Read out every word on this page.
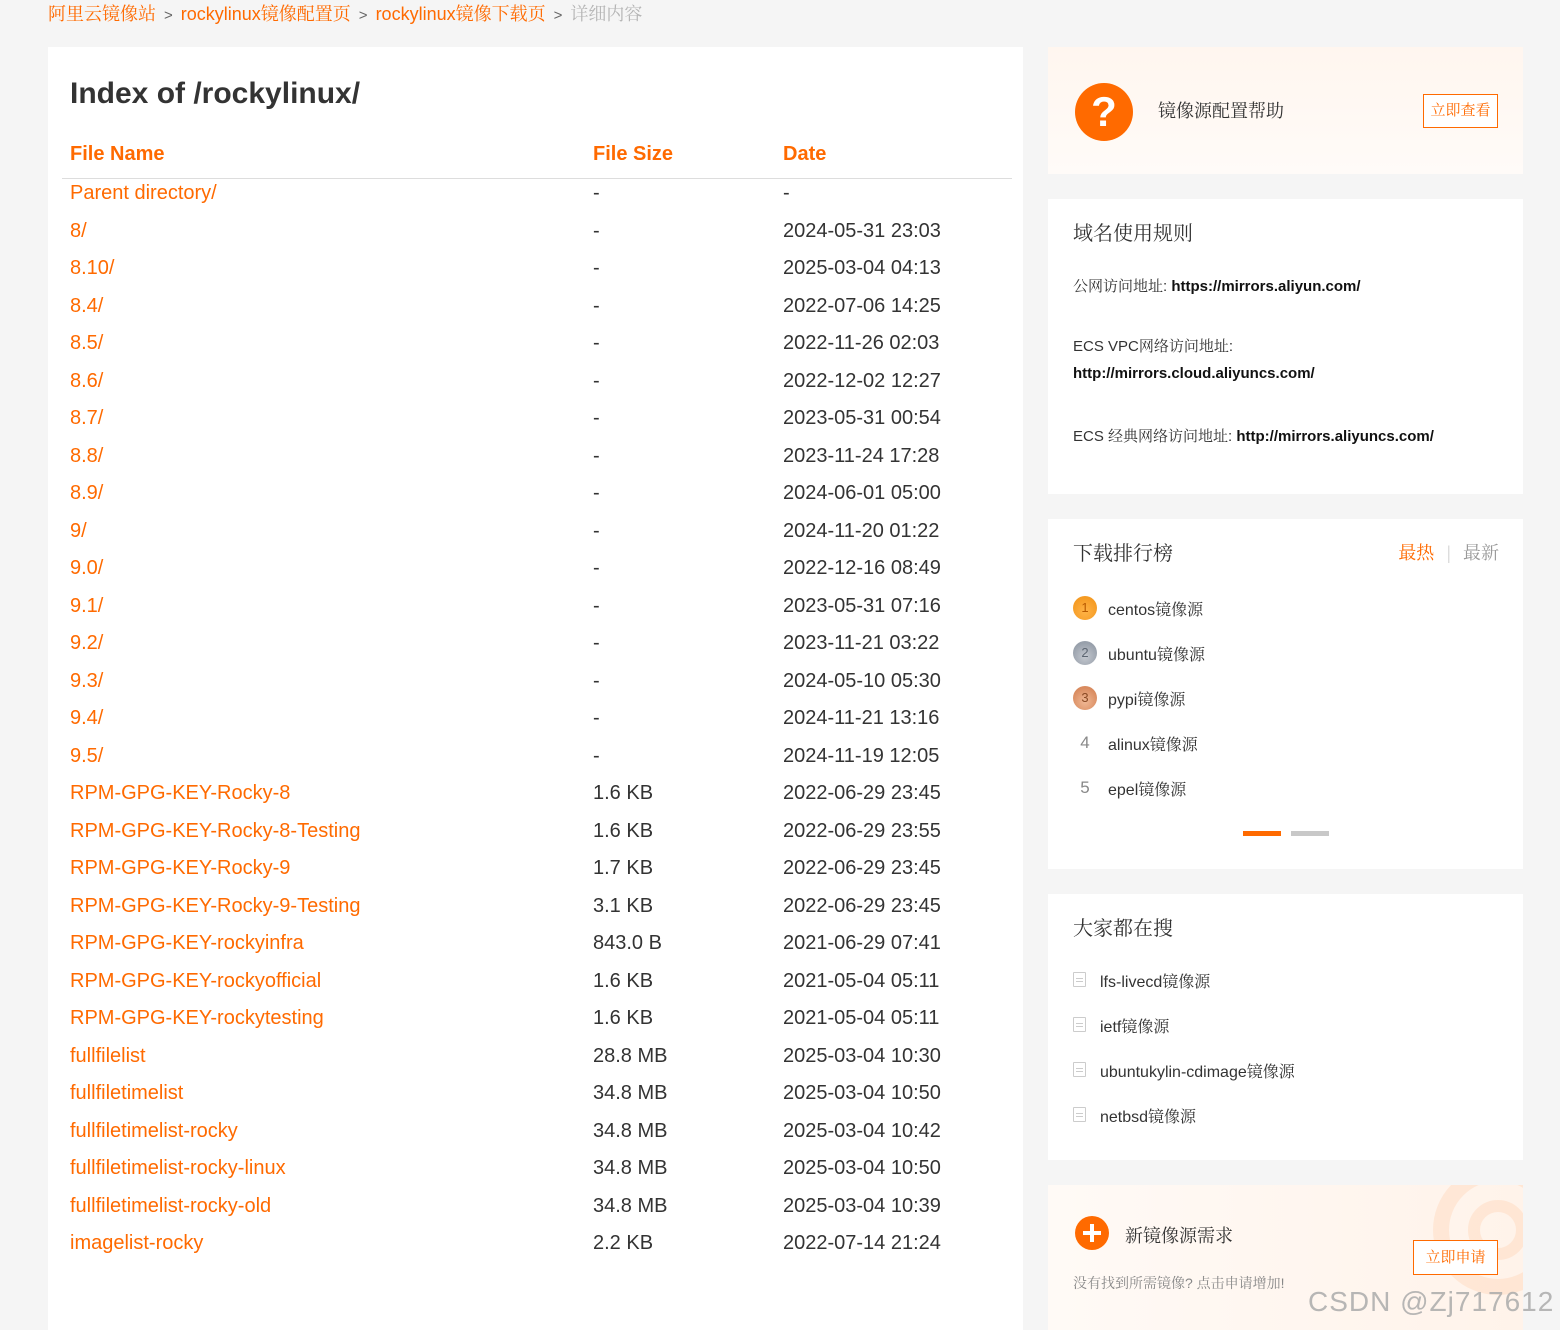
阿里云镜像站 > rockylinux镜像配置页 > rockylinux镜像下载页 > 详细内容
Index of /rockylinux/
File Name	File Size	Date
Parent directory/	-	-
8/	-	2024-05-31 23:03
8.10/	-	2025-03-04 04:13
8.4/	-	2022-07-06 14:25
8.5/	-	2022-11-26 02:03
8.6/	-	2022-12-02 12:27
8.7/	-	2023-05-31 00:54
8.8/	-	2023-11-24 17:28
8.9/	-	2024-06-01 05:00
9/	-	2024-11-20 01:22
9.0/	-	2022-12-16 08:49
9.1/	-	2023-05-31 07:16
9.2/	-	2023-11-21 03:22
9.3/	-	2024-05-10 05:30
9.4/	-	2024-11-21 13:16
9.5/	-	2024-11-19 12:05
RPM-GPG-KEY-Rocky-8	1.6 KB	2022-06-29 23:45
RPM-GPG-KEY-Rocky-8-Testing	1.6 KB	2022-06-29 23:55
RPM-GPG-KEY-Rocky-9	1.7 KB	2022-06-29 23:45
RPM-GPG-KEY-Rocky-9-Testing	3.1 KB	2022-06-29 23:45
RPM-GPG-KEY-rockyinfra	843.0 B	2021-06-29 07:41
RPM-GPG-KEY-rockyofficial	1.6 KB	2021-05-04 05:11
RPM-GPG-KEY-rockytesting	1.6 KB	2021-05-04 05:11
fullfilelist	28.8 MB	2025-03-04 10:30
fullfiletimelist	34.8 MB	2025-03-04 10:50
fullfiletimelist-rocky	34.8 MB	2025-03-04 10:42
fullfiletimelist-rocky-linux	34.8 MB	2025-03-04 10:50
fullfiletimelist-rocky-old	34.8 MB	2025-03-04 10:39
imagelist-rocky	2.2 KB	2022-07-14 21:24
?	镜像源配置帮助	立即查看
域名使用规则
公网访问地址: https://mirrors.aliyun.com/
ECS VPC网络访问地址:
http://mirrors.cloud.aliyuncs.com/
ECS 经典网络访问地址: http://mirrors.aliyuncs.com/
下载排行榜	最热 | 最新
1	centos镜像源
2	ubuntu镜像源
3	pypi镜像源
4	alinux镜像源
5	epel镜像源
大家都在搜
lfs-livecd镜像源
ietf镜像源
ubuntukylin-cdimage镜像源
netbsd镜像源
新镜像源需求
没有找到所需镜像? 点击申请增加!
立即申请
CSDN @Zj717612
